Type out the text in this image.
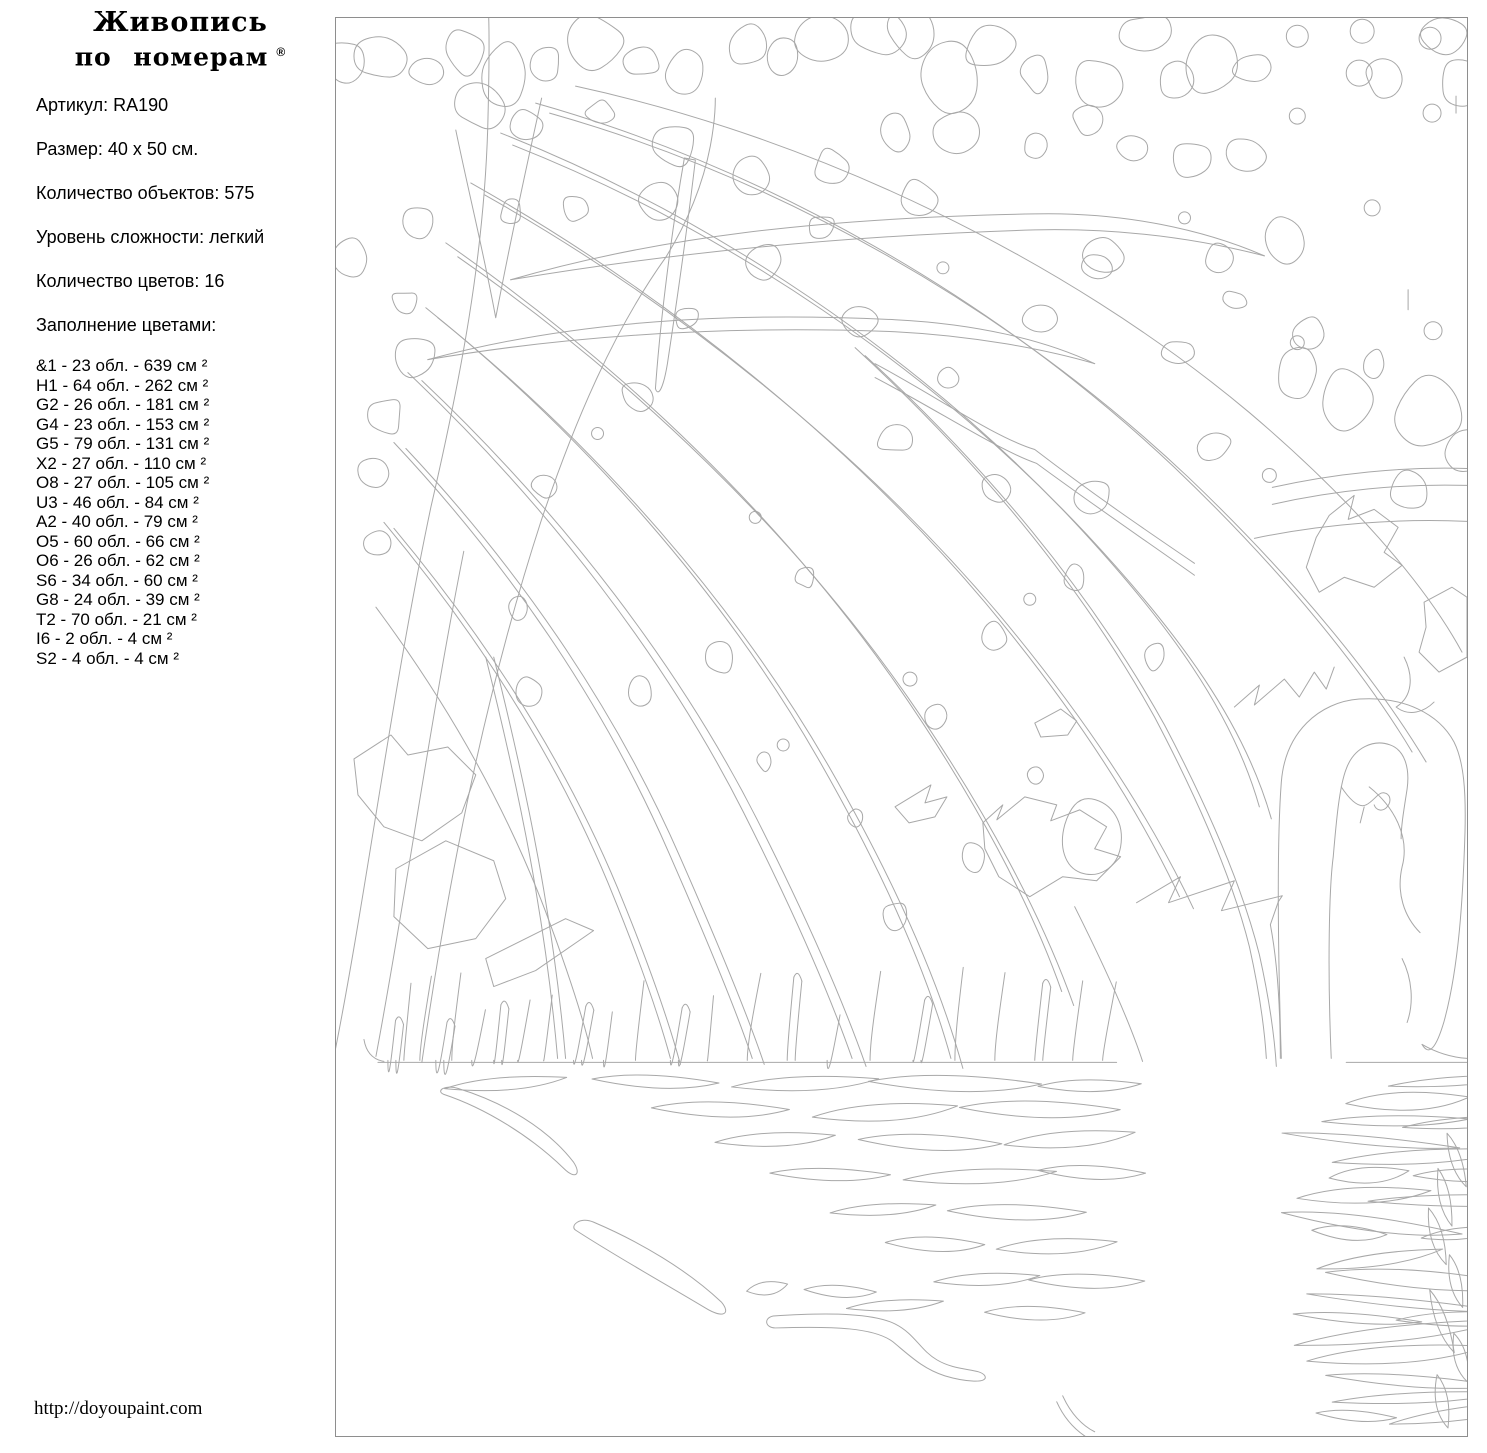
Живопись
по номерам ®

Артикул: RA190

Размер: 40 x 50 см.

Количество объектов: 575

Уровень сложности: легкий

Количество цветов: 16

Заполнение цветами:

&1 - 23 обл. - 639 см ²
H1 - 64 обл. - 262 см ²
G2 - 26 обл. - 181 см ²
G4 - 23 обл. - 153 см ²
G5 - 79 обл. - 131 см ²
X2 - 27 обл. - 110 см ²
O8 - 27 обл. - 105 см ²
U3 - 46 обл. - 84 см ²
A2 - 40 обл. - 79 см ²
O5 - 60 обл. - 66 см ²
O6 - 26 обл. - 62 см ²
S6 - 34 обл. - 60 см ²
G8 - 24 обл. - 39 см ²
T2 - 70 обл. - 21 см ²
I6 - 2 обл. - 4 см ²
S2 - 4 обл. - 4 см ²
http://doyoupaint.com
